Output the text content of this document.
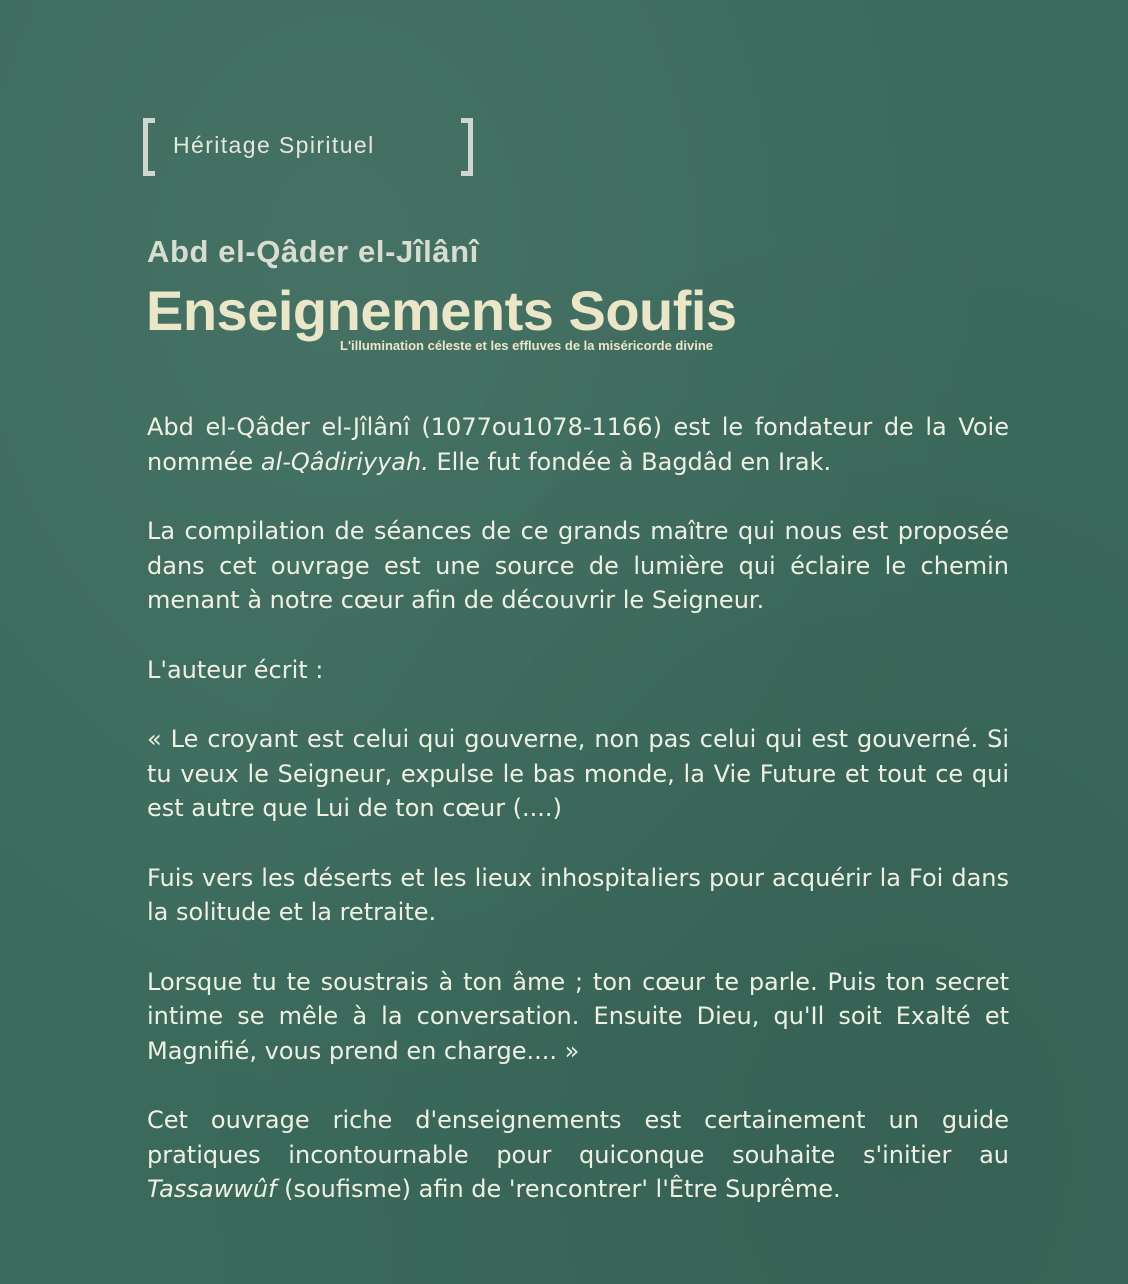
Héritage Spirituel
Abd el-Qâder el-Jîlânî
Enseignements Soufis
L'illumination céleste et les effluves de la miséricorde divine

Abd el-Qâder el-Jîlânî (1077ou1078-1166) est le fondateur de la Voie nommée al-Qâdiriyyah. Elle fut fondée à Bagdâd en Irak.

La compilation de séances de ce grands maître qui nous est proposée dans cet ouvrage est une source de lumière qui éclaire le chemin menant à notre cœur afin de découvrir le Seigneur.

L'auteur écrit :

« Le croyant est celui qui gouverne, non pas celui qui est gouverné. Si tu veux le Seigneur, expulse le bas monde, la Vie Future et tout ce qui est autre que Lui de ton cœur (....)

Fuis vers les déserts et les lieux inhospitaliers pour acquérir la Foi dans la solitude et la retraite.

Lorsque tu te soustrais à ton âme ; ton cœur te parle. Puis ton secret intime se mêle à la conversation. Ensuite Dieu, qu'Il soit Exalté et Magnifié, vous prend en charge.... »

Cet ouvrage riche d'enseignements est certainement un guide pratiques incontournable pour quiconque souhaite s'initier au Tassawwûf (soufisme) afin de 'rencontrer' l'Être Suprême.
